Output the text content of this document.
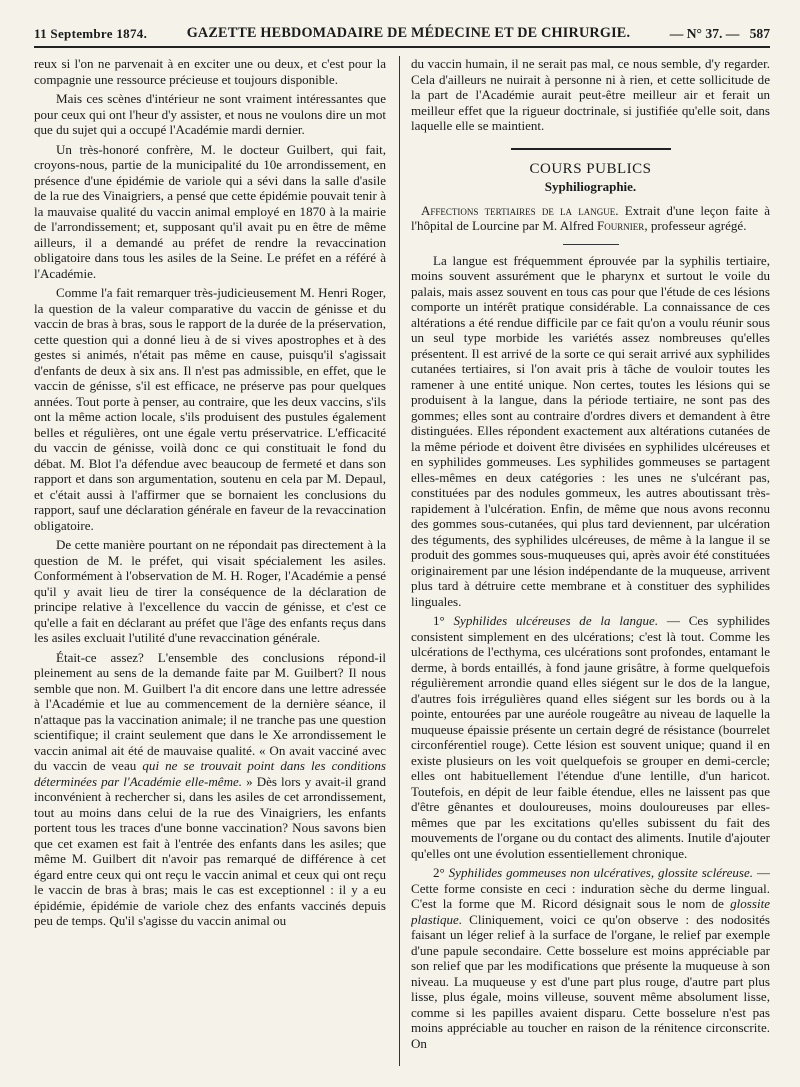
11 Septembre 1874.	GAZETTE HEBDOMADAIRE DE MÉDECINE ET DE CHIRURGIE.	— N° 37. — 587

reux si l'on ne parvenait à en exciter une ou deux, et c'est pour la compagnie une ressource précieuse et toujours disponible.

Mais ces scènes d'intérieur ne sont vraiment intéressantes que pour ceux qui ont l'heur d'y assister, et nous ne voulons dire un mot que du sujet qui a occupé l'Académie mardi dernier.

Un très-honoré confrère, M. le docteur Guilbert, qui fait, croyons-nous, partie de la municipalité du 10e arrondissement, en présence d'une épidémie de variole qui a sévi dans la salle d'asile de la rue des Vinaigriers, a pensé que cette épidémie pouvait tenir à la mauvaise qualité du vaccin animal employé en 1870 à la mairie de l'arrondissement; et, supposant qu'il avait pu en être de même ailleurs, il a demandé au préfet de rendre la revaccination obligatoire dans tous les asiles de la Seine. Le préfet en a référé à l'Académie.

Comme l'a fait remarquer très-judicieusement M. Henri Roger, la question de la valeur comparative du vaccin de génisse et du vaccin de bras à bras, sous le rapport de la durée de la préservation, cette question qui a donné lieu à de si vives apostrophes et à des gestes si animés, n'était pas même en cause, puisqu'il s'agissait d'enfants de deux à six ans. Il n'est pas admissible, en effet, que le vaccin de génisse, s'il est efficace, ne préserve pas pour quelques années. Tout porte à penser, au contraire, que les deux vaccins, s'ils ont la même action locale, s'ils produisent des pustules également belles et régulières, ont une égale vertu préservatrice. L'efficacité du vaccin de génisse, voilà donc ce qui constituait le fond du débat. M. Blot l'a défendue avec beaucoup de fermeté et dans son rapport et dans son argumentation, soutenu en cela par M. Depaul, et c'était aussi à l'affirmer que se bornaient les conclusions du rapport, sauf une déclaration générale en faveur de la revaccination obligatoire.

De cette manière pourtant on ne répondait pas directement à la question de M. le préfet, qui visait spécialement les asiles. Conformément à l'observation de M. H. Roger, l'Académie a pensé qu'il y avait lieu de tirer la conséquence de la déclaration de principe relative à l'excellence du vaccin de génisse, et c'est ce qu'elle a fait en déclarant au préfet que l'âge des enfants reçus dans les asiles excluait l'utilité d'une revaccination générale.

Était-ce assez? L'ensemble des conclusions répond-il pleinement au sens de la demande faite par M. Guilbert? Il nous semble que non. M. Guilbert l'a dit encore dans une lettre adressée à l'Académie et lue au commencement de la dernière séance, il n'attaque pas la vaccination animale; il ne tranche pas une question scientifique; il craint seulement que dans le Xe arrondissement le vaccin animal ait été de mauvaise qualité. « On avait vacciné avec du vaccin de veau qui ne se trouvait point dans les conditions déterminées par l'Académie elle-même. » Dès lors y avait-il grand inconvénient à rechercher si, dans les asiles de cet arrondissement, tout au moins dans celui de la rue des Vinaigriers, les enfants portent tous les traces d'une bonne vaccination? Nous savons bien que cet examen est fait à l'entrée des enfants dans les asiles; que même M. Guilbert dit n'avoir pas remarqué de différence à cet égard entre ceux qui ont reçu le vaccin animal et ceux qui ont reçu le vaccin de bras à bras; mais le cas est exceptionnel : il y a eu épidémie, épidémie de variole chez des enfants vaccinés depuis peu de temps. Qu'il s'agisse du vaccin animal ou

du vaccin humain, il ne serait pas mal, ce nous semble, d'y regarder. Cela d'ailleurs ne nuirait à personne ni à rien, et cette sollicitude de la part de l'Académie aurait peut-être meilleur air et ferait un meilleur effet que la rigueur doctrinale, si justifiée qu'elle soit, dans laquelle elle se maintient.

COURS PUBLICS
Syphiliographie.

Affections tertiaires de la langue. Extrait d'une leçon faite à l'hôpital de Lourcine par M. Alfred Fournier, professeur agrégé.

La langue est fréquemment éprouvée par la syphilis tertiaire, moins souvent assurément que le pharynx et surtout le voile du palais, mais assez souvent en tous cas pour que l'étude de ces lésions comporte un intérêt pratique considérable. La connaissance de ces altérations a été rendue difficile par ce fait qu'on a voulu réunir sous un seul type morbide les variétés assez nombreuses qu'elles présentent. Il est arrivé de la sorte ce qui serait arrivé aux syphilides cutanées tertiaires, si l'on avait pris à tâche de vouloir toutes les ramener à une entité unique. Non certes, toutes les lésions qui se produisent à la langue, dans la période tertiaire, ne sont pas des gommes; elles sont au contraire d'ordres divers et demandent à être distinguées. Elles répondent exactement aux altérations cutanées de la même période et doivent être divisées en syphilides ulcéreuses et en syphilides gommeuses. Les syphilides gommeuses se partagent elles-mêmes en deux catégories : les unes ne s'ulcérant pas, constituées par des nodules gommeux, les autres aboutissant très-rapidement à l'ulcération. Enfin, de même que nous avons reconnu des gommes sous-cutanées, qui plus tard deviennent, par ulcération des téguments, des syphilides ulcéreuses, de même à la langue il se produit des gommes sous-muqueuses qui, après avoir été constituées originairement par une lésion indépendante de la muqueuse, arrivent plus tard à détruire cette membrane et à constituer des syphilides linguales.

1° Syphilides ulcéreuses de la langue. — Ces syphilides consistent simplement en des ulcérations; c'est là tout. Comme les ulcérations de l'ecthyma, ces ulcérations sont profondes, entamant le derme, à bords entaillés, à fond jaune grisâtre, à forme quelquefois régulièrement arrondie quand elles siégent sur le dos de la langue, d'autres fois irrégulières quand elles siégent sur les bords ou à la pointe, entourées par une auréole rougeâtre au niveau de laquelle la muqueuse épaissie présente un certain degré de résistance (bourrelet circonférentiel rouge). Cette lésion est souvent unique; quand il en existe plusieurs on les voit quelquefois se grouper en demi-cercle; elles ont habituellement l'étendue d'une lentille, d'un haricot. Toutefois, en dépit de leur faible étendue, elles ne laissent pas que d'être gênantes et douloureuses, moins douloureuses par elles-mêmes que par les excitations qu'elles subissent du fait des mouvements de l'organe ou du contact des aliments. Inutile d'ajouter qu'elles ont une évolution essentiellement chronique.

2° Syphilides gommeuses non ulcératives, glossite scléreuse. — Cette forme consiste en ceci : induration sèche du derme lingual. C'est la forme que M. Ricord désignait sous le nom de glossite plastique. Cliniquement, voici ce qu'on observe : des nodosités faisant un léger relief à la surface de l'organe, le relief par exemple d'une papule secondaire. Cette bosselure est moins appréciable par son relief que par les modifications que présente la muqueuse à son niveau. La muqueuse y est d'une part plus rouge, d'autre part plus lisse, plus égale, moins villeuse, souvent même absolument lisse, comme si les papilles avaient disparu. Cette bosselure n'est pas moins appréciable au toucher en raison de la rénitence circonscrite. On
